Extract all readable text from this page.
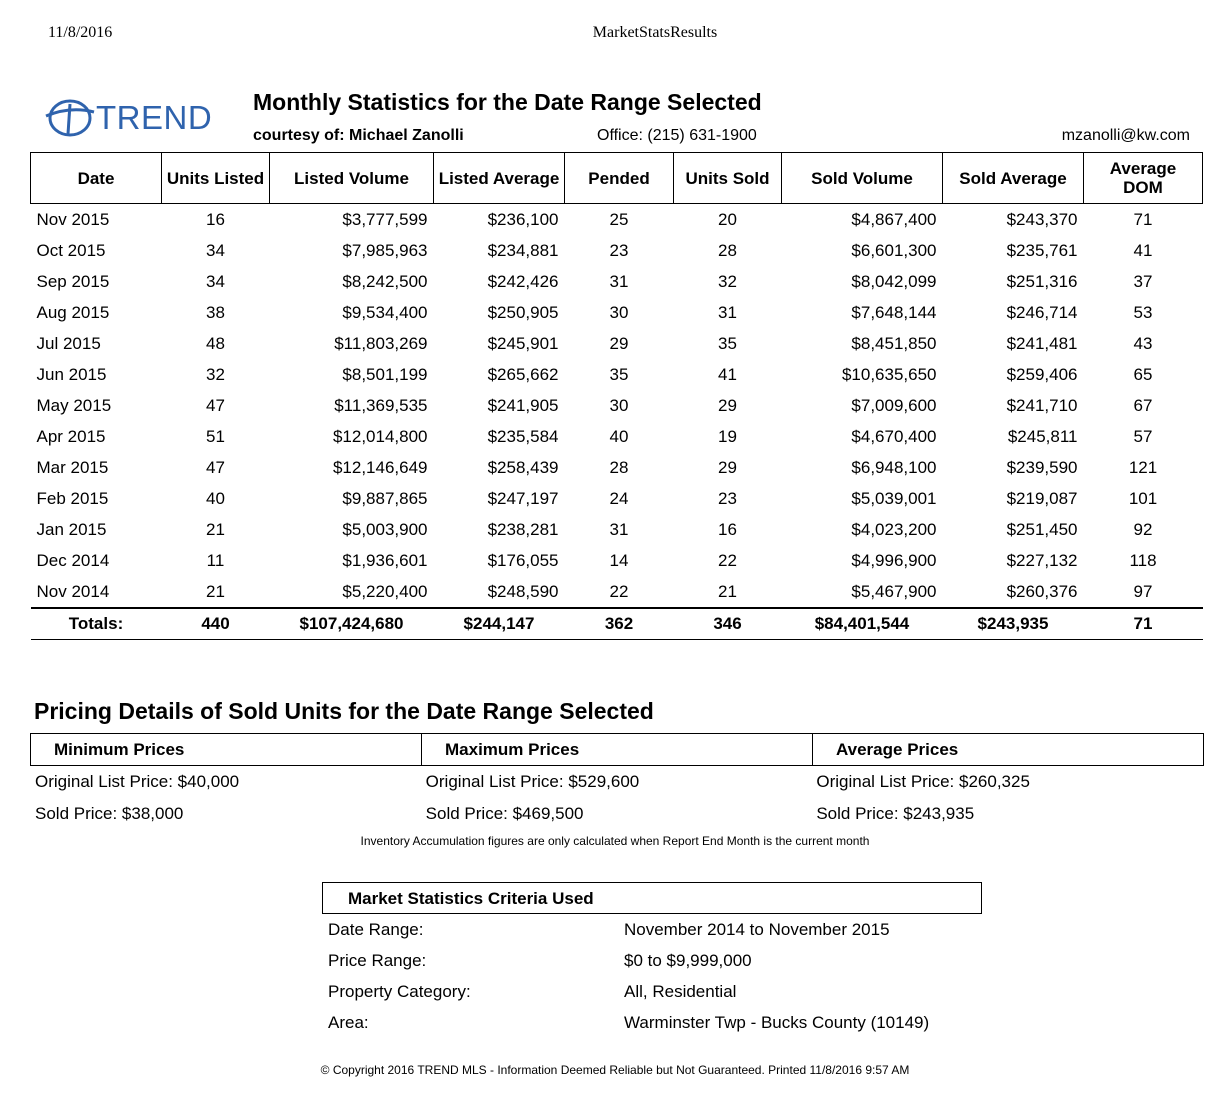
11/8/2016	MarketStatsResults
TREND Monthly Statistics for the Date Range Selected
courtesy of: Michael Zanolli	Office: (215) 631-1900	mzanolli@kw.com
Date	Units Listed	Listed Volume	Listed Average	Pended	Units Sold	Sold Volume	Sold Average	Average DOM
Nov 2015	16	$3,777,599	$236,100	25	20	$4,867,400	$243,370	71
Oct 2015	34	$7,985,963	$234,881	23	28	$6,601,300	$235,761	41
Sep 2015	34	$8,242,500	$242,426	31	32	$8,042,099	$251,316	37
Aug 2015	38	$9,534,400	$250,905	30	31	$7,648,144	$246,714	53
Jul 2015	48	$11,803,269	$245,901	29	35	$8,451,850	$241,481	43
Jun 2015	32	$8,501,199	$265,662	35	41	$10,635,650	$259,406	65
May 2015	47	$11,369,535	$241,905	30	29	$7,009,600	$241,710	67
Apr 2015	51	$12,014,800	$235,584	40	19	$4,670,400	$245,811	57
Mar 2015	47	$12,146,649	$258,439	28	29	$6,948,100	$239,590	121
Feb 2015	40	$9,887,865	$247,197	24	23	$5,039,001	$219,087	101
Jan 2015	21	$5,003,900	$238,281	31	16	$4,023,200	$251,450	92
Dec 2014	11	$1,936,601	$176,055	14	22	$4,996,900	$227,132	118
Nov 2014	21	$5,220,400	$248,590	22	21	$5,467,900	$260,376	97
Totals:	440	$107,424,680	$244,147	362	346	$84,401,544	$243,935	71
Pricing Details of Sold Units for the Date Range Selected
Minimum Prices	Maximum Prices	Average Prices
Original List Price: $40,000	Original List Price: $529,600	Original List Price: $260,325
Sold Price: $38,000	Sold Price: $469,500	Sold Price: $243,935
Inventory Accumulation figures are only calculated when Report End Month is the current month
Market Statistics Criteria Used
Date Range:	November 2014 to November 2015
Price Range:	$0 to $9,999,000
Property Category:	All, Residential
Area:	Warminster Twp - Bucks County (10149)
© Copyright 2016 TREND MLS - Information Deemed Reliable but Not Guaranteed. Printed 11/8/2016 9:57 AM
